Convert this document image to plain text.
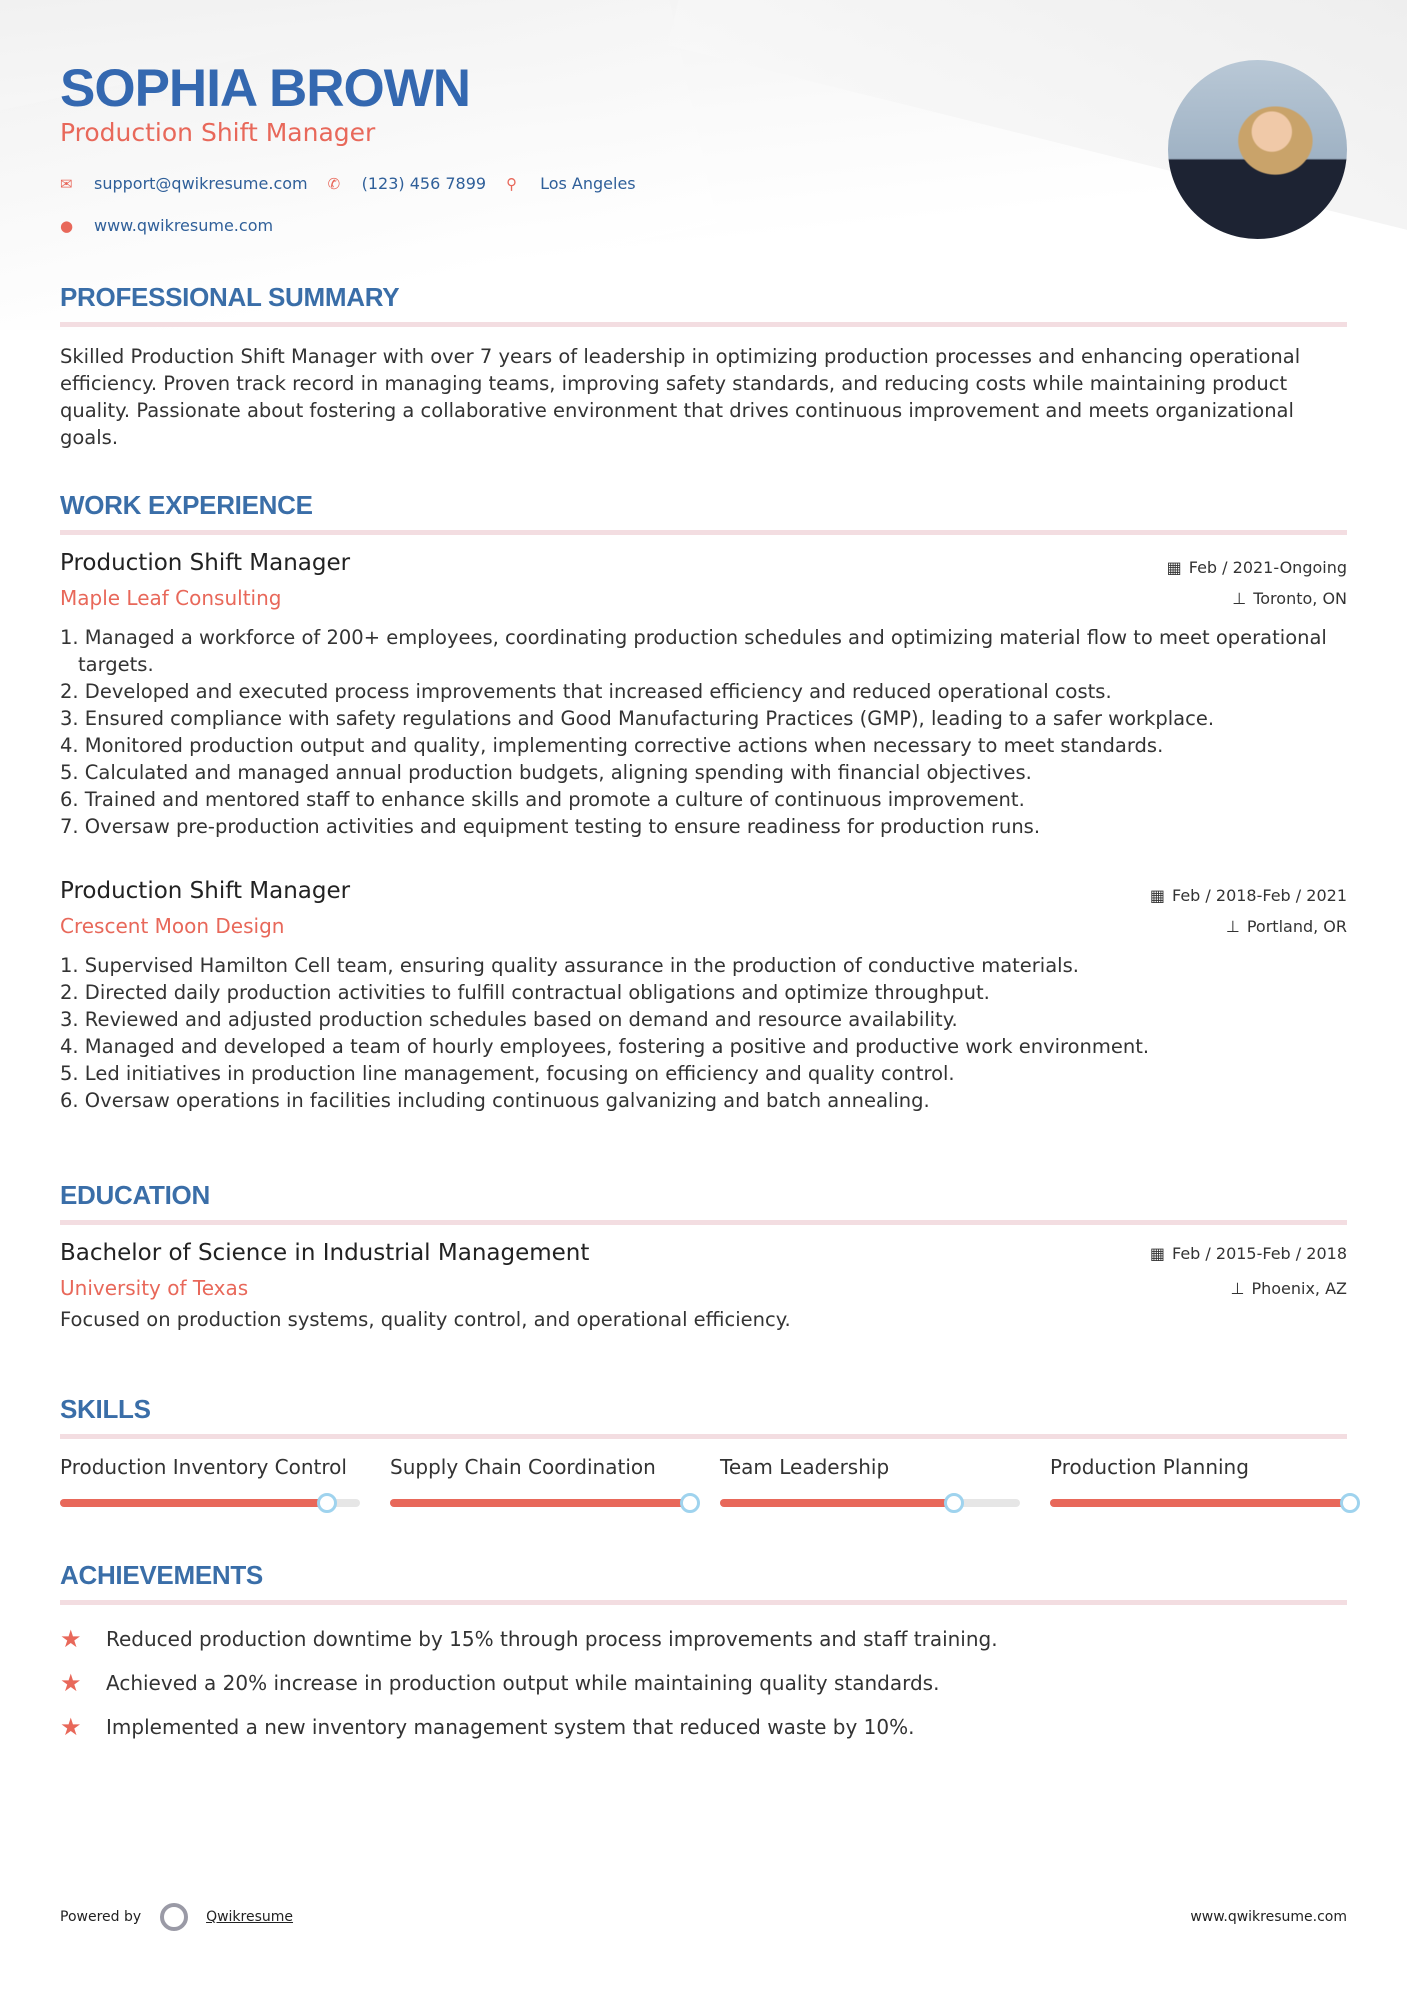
SOPHIA BROWN
Production Shift Manager
✉	support@qwikresume.com ✆	(123) 456 7899 ⚲	Los Angeles
●	www.qwikresume.com
PROFESSIONAL SUMMARY

Skilled Production Shift Manager with over 7 years of leadership in optimizing production processes and enhancing operational efficiency. Proven track record in managing teams, improving safety standards, and reducing costs while maintaining product quality. Passionate about fostering a collaborative environment that drives continuous improvement and meets organizational goals.

WORK EXPERIENCE
▦ Feb / 2021-Ongoing
⊥ Toronto, ON
Production Shift Manager
Maple Leaf Consulting
1. Managed a workforce of 200+ employees, coordinating production schedules and optimizing material flow to meet operational targets.
2. Developed and executed process improvements that increased efficiency and reduced operational costs.
3. Ensured compliance with safety regulations and Good Manufacturing Practices (GMP), leading to a safer workplace.
4. Monitored production output and quality, implementing corrective actions when necessary to meet standards.
5. Calculated and managed annual production budgets, aligning spending with financial objectives.
6. Trained and mentored staff to enhance skills and promote a culture of continuous improvement.
7. Oversaw pre-production activities and equipment testing to ensure readiness for production runs.
▦ Feb / 2018-Feb / 2021
⊥ Portland, OR
Production Shift Manager
Crescent Moon Design
1. Supervised Hamilton Cell team, ensuring quality assurance in the production of conductive materials.
2. Directed daily production activities to fulfill contractual obligations and optimize throughput.
3. Reviewed and adjusted production schedules based on demand and resource availability.
4. Managed and developed a team of hourly employees, fostering a positive and productive work environment.
5. Led initiatives in production line management, focusing on efficiency and quality control.
6. Oversaw operations in facilities including continuous galvanizing and batch annealing.
EDUCATION
▦ Feb / 2015-Feb / 2018
⊥ Phoenix, AZ
Bachelor of Science in Industrial Management
University of Texas

Focused on production systems, quality control, and operational efficiency.

SKILLS
Production Inventory Control	Supply Chain Coordination	Team Leadership	Production Planning
ACHIEVEMENTS
★	Reduced production downtime by 15% through process improvements and staff training.
★	Achieved a 20% increase in production output while maintaining quality standards.
★	Implemented a new inventory management system that reduced waste by 10%.
Powered by	Qwikresume	www.qwikresume.com
